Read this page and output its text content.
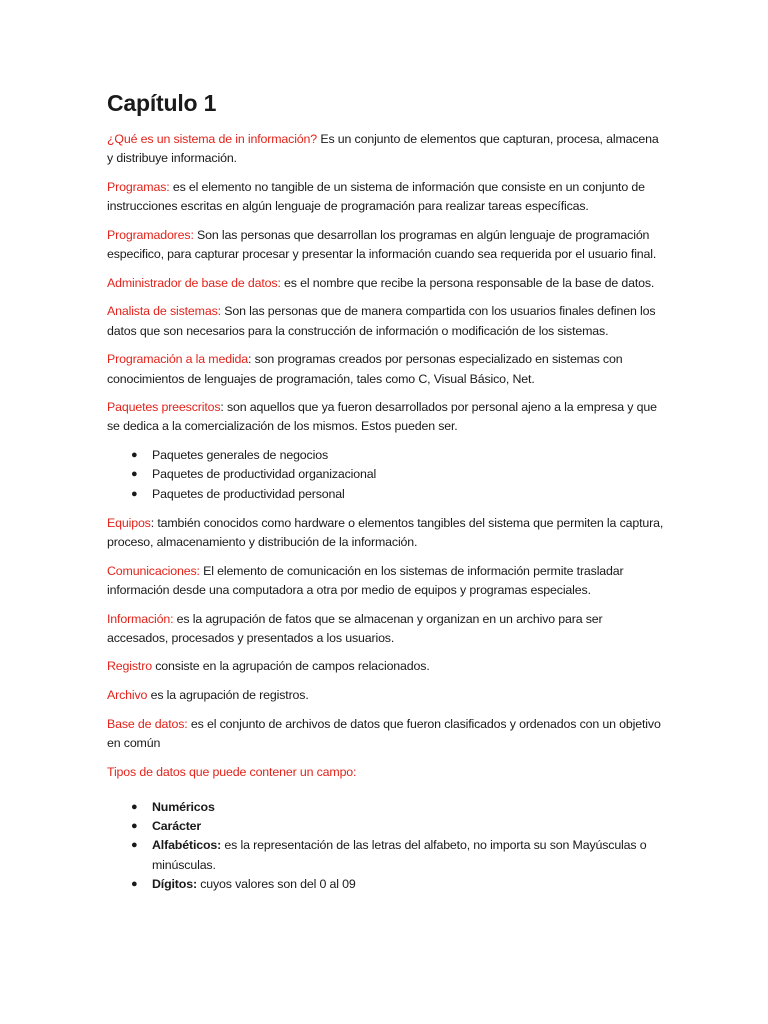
Capítulo 1
¿Qué es un sistema de in información? Es un conjunto de elementos que capturan, procesa, almacena y distribuye información.
Programas: es el elemento no tangible de un sistema de información que consiste en un conjunto de instrucciones escritas en algún lenguaje de programación para realizar tareas específicas.
Programadores: Son las personas que desarrollan los programas en algún lenguaje de programación especifico, para capturar procesar y presentar la información cuando sea requerida por el usuario final.
Administrador de base de datos: es el nombre que recibe la persona responsable de la base de datos.
Analista de sistemas: Son las personas que de manera compartida con los usuarios finales definen los datos que son necesarios para la construcción de información o modificación de los sistemas.
Programación a la medida: son programas creados por personas especializado en sistemas con conocimientos de lenguajes de programación, tales como C, Visual Básico, Net.
Paquetes preescritos: son aquellos que ya fueron desarrollados por personal ajeno a la empresa y que se dedica a la comercialización de los mismos. Estos pueden ser.
● Paquetes generales de negocios
● Paquetes de productividad organizacional
● Paquetes de productividad personal
Equipos: también conocidos como hardware o elementos tangibles del sistema que permiten la captura, proceso, almacenamiento y distribución de la información.
Comunicaciones: El elemento de comunicación en los sistemas de información permite trasladar información desde una computadora a otra por medio de equipos y programas especiales.
Información: es la agrupación de fatos que se almacenan y organizan en un archivo para ser accesados, procesados y presentados a los usuarios.
Registro consiste en la agrupación de campos relacionados.
Archivo es la agrupación de registros.
Base de datos: es el conjunto de archivos de datos que fueron clasificados y ordenados con un objetivo en común
Tipos de datos que puede contener un campo:
● Numéricos
● Carácter
● Alfabéticos: es la representación de las letras del alfabeto, no importa su son Mayúsculas o minúsculas.
● Dígitos: cuyos valores son del 0 al 09
